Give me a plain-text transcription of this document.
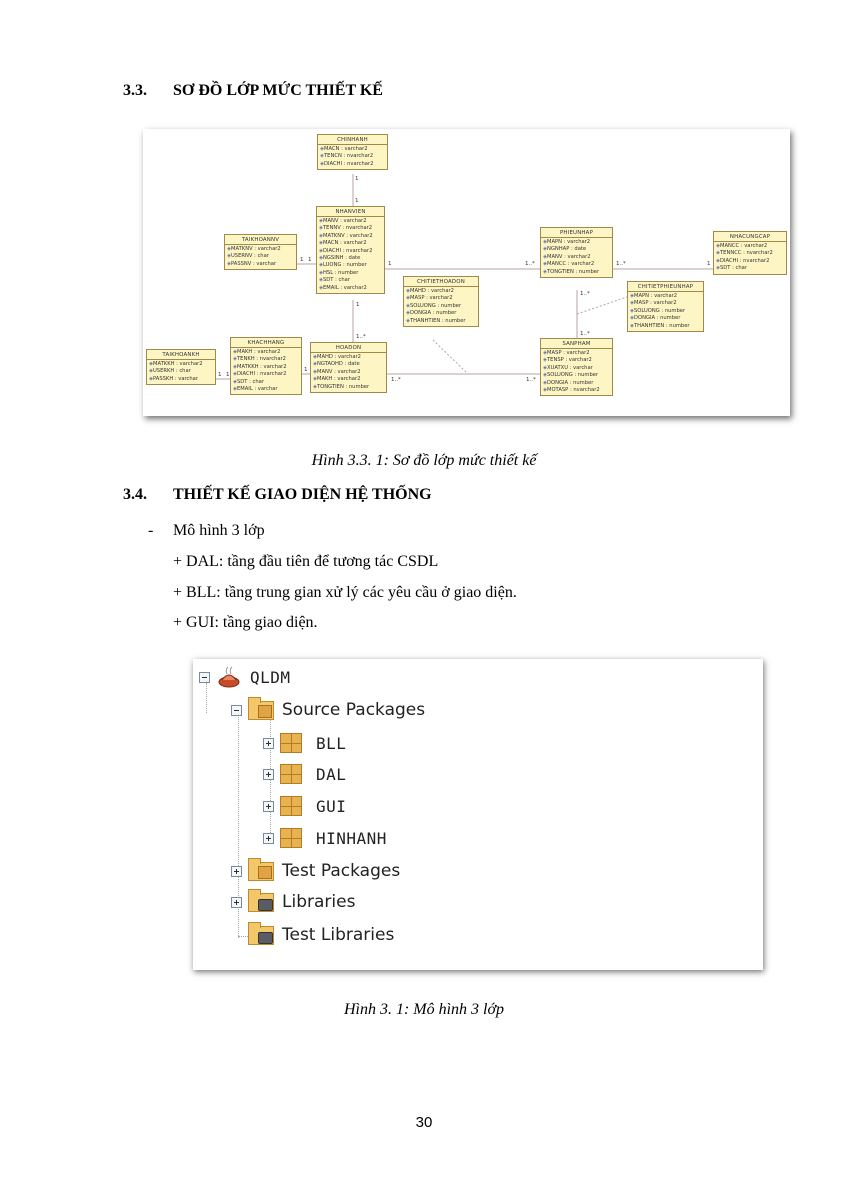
3.3.	SƠ ĐỒ LỚP MỨC THIẾT KẾ
CHINHANH
◈MACN : varchar2
◈TENCN : nvarchar2
◈DIACHI : nvarchar2
NHANVIEN
◈MANV : varchar2
◈TENNV : nvarchar2
◈MATKNV : varchar2
◈MACN : varchar2
◈DIACHI : nvarchar2
◈NGSINH : date
◈LUONG : number
◈HSL : number
◈SDT : char
◈EMAIL : varchar2
TAIKHOANNV
◈MATKNV : varchar2
◈USERNV : char
◈PASSNV : varchar
CHITIETHOADON
◈MAHD : varchar2
◈MASP : varchar2
◈SOLUONG : number
◈DONGIA : number
◈THANHTIEN : number
PHIEUNHAP
◈MAPN : varchar2
◈NGNHAP : date
◈MANV : varchar2
◈MANCC : varchar2
◈TONGTIEN : number
NHACUNGCAP
◈MANCC : varchar2
◈TENNCC : nvarchar2
◈DIACHI : nvarchar2
◈SDT : char
CHITIETPHIEUNHAP
◈MAPN : varchar2
◈MASP : varchar2
◈SOLUONG : number
◈DONGIA : number
◈THANHTIEN : number
TAIKHOANKH
◈MATKKH : varchar2
◈USERKH : char
◈PASSKH : varchar
KHACHHANG
◈MAKH : varchar2
◈TENKH : nvarchar2
◈MATKKH : varchar2
◈DIACHI : nvarchar2
◈SDT : char
◈EMAIL : varchar
HOADON
◈MAHD : varchar2
◈NGTAOHD : date
◈MANV : varchar2
◈MAKH : varchar2
◈TONGTIEN : number
SANPHAM
◈MASP : varchar2
◈TENSP : varchar2
◈XUATXU : varchar
◈SOLUONG : number
◈DONGIA : number
◈MOTASP : nvarchar2
1
1
1 1
1	1..*	1..*	1
1
1..*
1..*
1..*
1..*	1..*
1
1 1
Hình 3.3. 1: Sơ đồ lớp mức thiết kế
3.4.	THIẾT KẾ GIAO DIỆN HỆ THỐNG
- Mô hình 3 lớp
+ DAL: tầng đầu tiên để tương tác CSDL
+ BLL: tầng trung gian xử lý các yêu cầu ở giao diện.
+ GUI: tầng giao diện.
QLDM
Source Packages
BLL
DAL
GUI
HINHANH
Test Packages
Libraries
Test Libraries
Hình 3. 1: Mô hình 3 lớp
30
